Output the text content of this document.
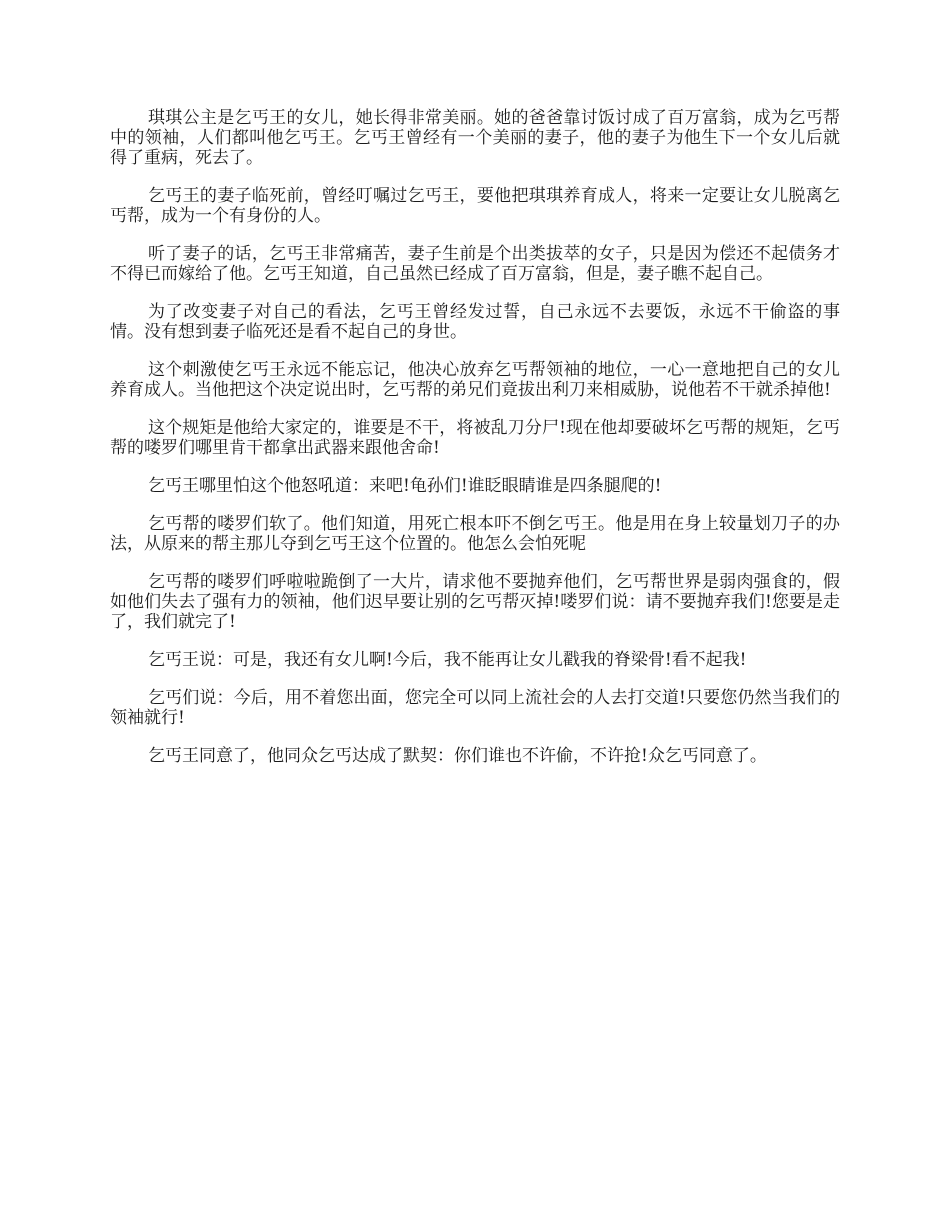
琪琪公主是乞丐王的女儿，她长得非常美丽。她的爸爸靠讨饭讨成了百万富翁，成为乞丐帮中的领袖，人们都叫他乞丐王。乞丐王曾经有一个美丽的妻子，他的妻子为他生下一个女儿后就得了重病，死去了。

乞丐王的妻子临死前，曾经叮嘱过乞丐王，要他把琪琪养育成人，将来一定要让女儿脱离乞丐帮，成为一个有身份的人。

听了妻子的话，乞丐王非常痛苦，妻子生前是个出类拔萃的女子，只是因为偿还不起债务才不得已而嫁给了他。乞丐王知道，自己虽然已经成了百万富翁，但是，妻子瞧不起自己。

为了改变妻子对自己的看法，乞丐王曾经发过誓，自己永远不去要饭，永远不干偷盗的事情。没有想到妻子临死还是看不起自己的身世。

这个刺激使乞丐王永远不能忘记，他决心放弃乞丐帮领袖的地位，一心一意地把自己的女儿养育成人。当他把这个决定说出时，乞丐帮的弟兄们竟拔出利刀来相威胁，说他若不干就杀掉他!

这个规矩是他给大家定的，谁要是不干，将被乱刀分尸!现在他却要破坏乞丐帮的规矩，乞丐帮的喽罗们哪里肯干都拿出武器来跟他舍命!

乞丐王哪里怕这个他怒吼道：来吧!龟孙们!谁眨眼睛谁是四条腿爬的!

乞丐帮的喽罗们软了。他们知道，用死亡根本吓不倒乞丐王。他是用在身上较量划刀子的办法，从原来的帮主那儿夺到乞丐王这个位置的。他怎么会怕死呢

乞丐帮的喽罗们呼啦啦跪倒了一大片，请求他不要抛弃他们，乞丐帮世界是弱肉强食的，假如他们失去了强有力的领袖，他们迟早要让别的乞丐帮灭掉!喽罗们说：请不要抛弃我们!您要是走了，我们就完了!

乞丐王说：可是，我还有女儿啊!今后，我不能再让女儿戳我的脊梁骨!看不起我!

乞丐们说：今后，用不着您出面，您完全可以同上流社会的人去打交道!只要您仍然当我们的领袖就行!

乞丐王同意了，他同众乞丐达成了默契：你们谁也不许偷，不许抢!众乞丐同意了。
